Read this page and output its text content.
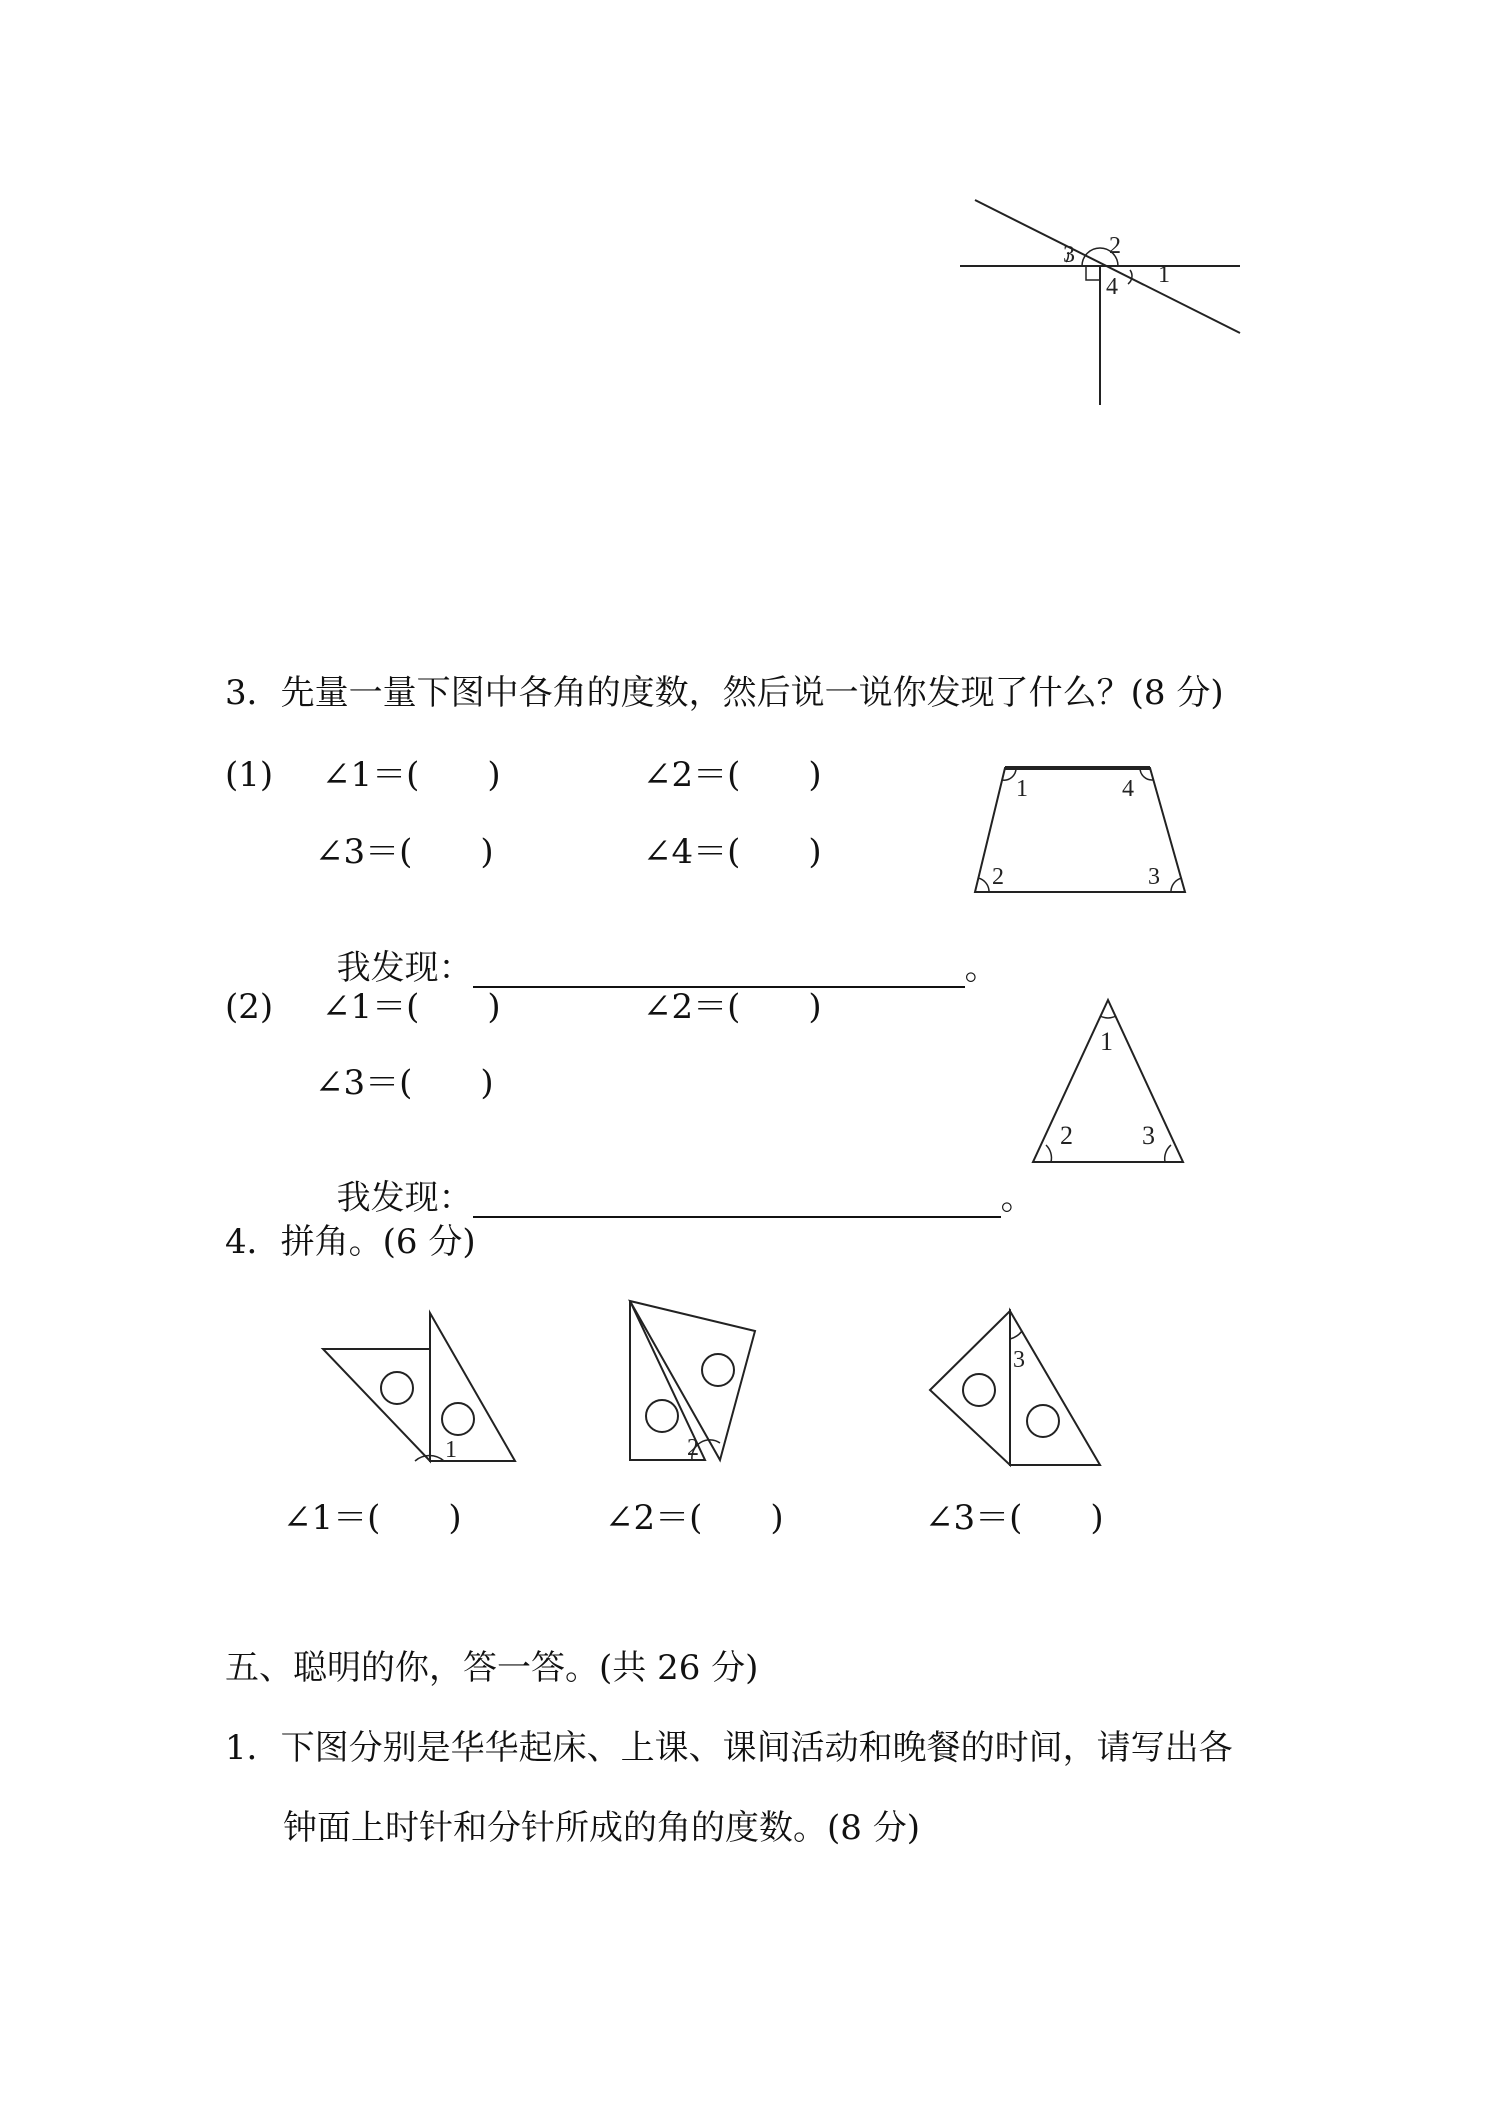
2
3
1
4
3．先量一量下图中各角的度数，然后说一说你发现了什么？(8 分)
(1) ∠1＝(　　)	∠2＝(　　)
∠3＝(　　)	∠4＝(　　)

我发现：	。

1	4
2	3
(2) ∠1＝(　　)	∠2＝(　　)
∠3＝(　　)

我发现：	。

1
2	3
4．拼角。(6 分)
1	2
3
∠1＝(　　)	∠2＝(　　)	∠3＝(　　)
五、聪明的你，答一答。(共 26 分)
1．下图分别是华华起床、上课、课间活动和晚餐的时间，请写出各
钟面上时针和分针所成的角的度数。(8 分)
